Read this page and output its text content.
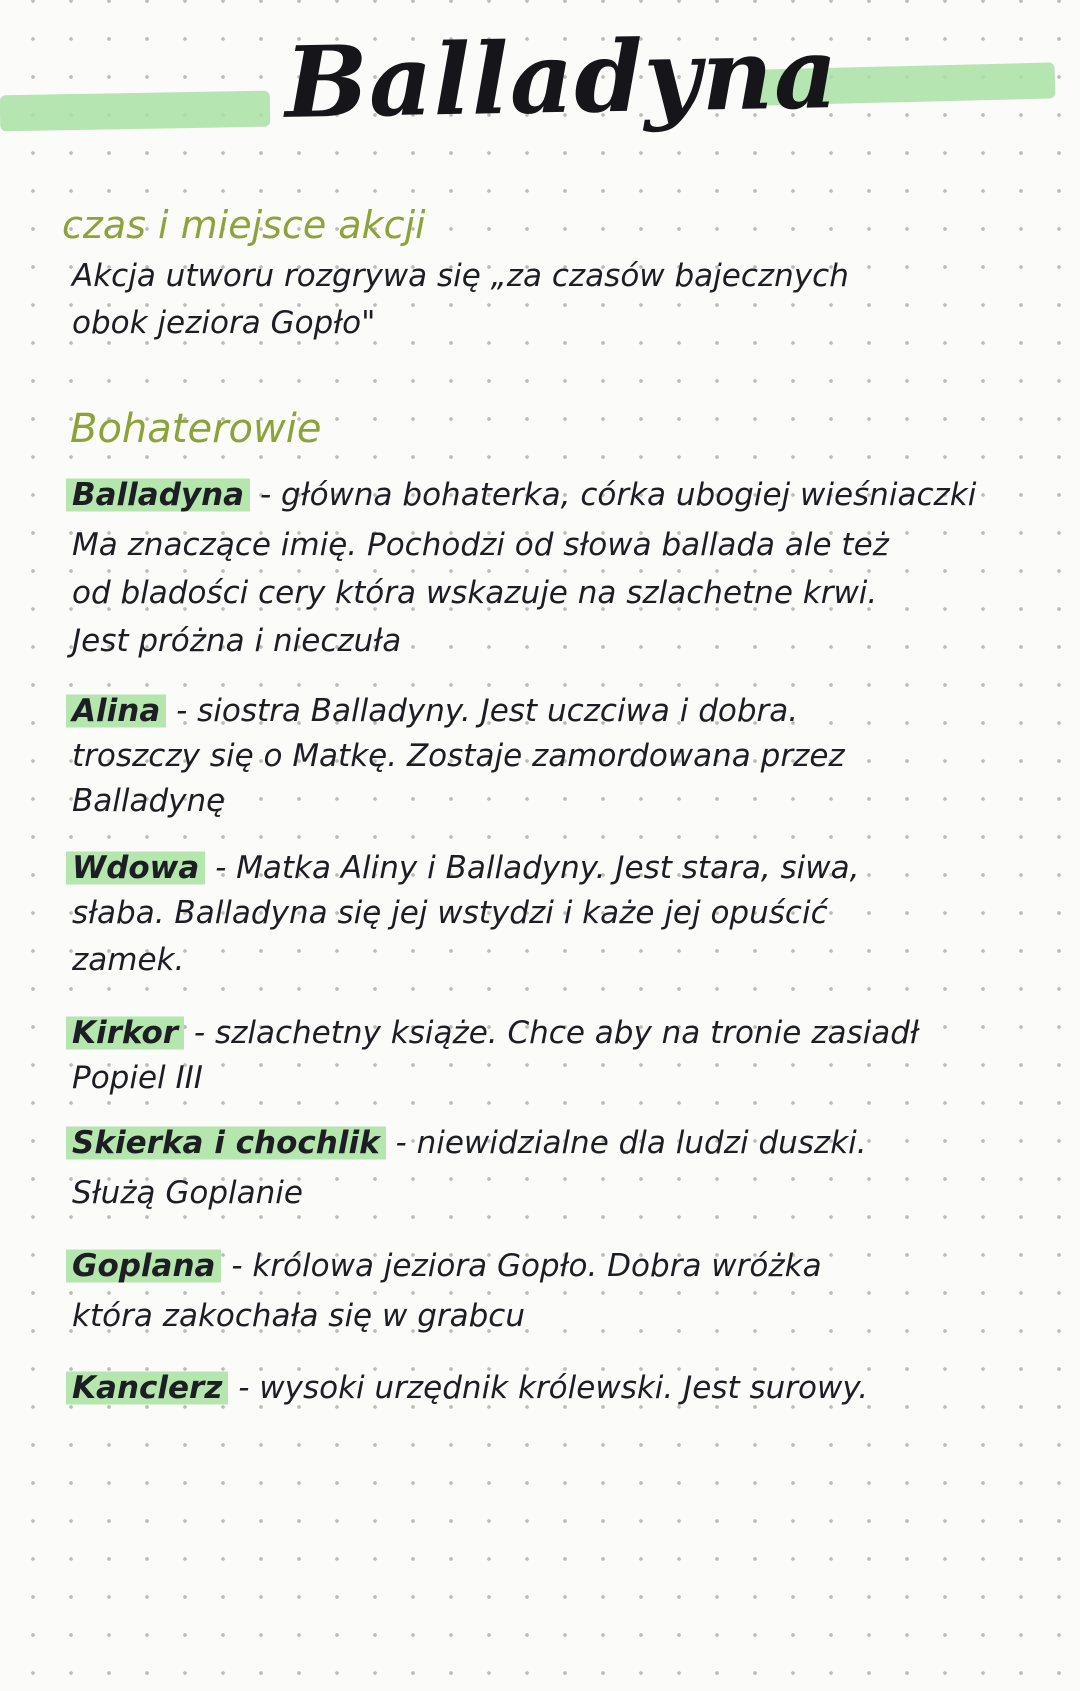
Balladyna
czas i miejsce akcji
Akcja utworu rozgrywa się „za czasów bajecznych
obok jeziora Gopło"
Bohaterowie
Balladyna - główna bohaterka, córka ubogiej wieśniaczki
Ma znaczące imię. Pochodzi od słowa ballada ale też
od bladości cery która wskazuje na szlachetne krwi.
Jest próżna i nieczuła
Alina - siostra Balladyny. Jest uczciwa i dobra.
troszczy się o Matkę. Zostaje zamordowana przez
Balladynę
Wdowa - Matka Aliny i Balladyny. Jest stara, siwa,
słaba. Balladyna się jej wstydzi i każe jej opuścić
zamek.
Kirkor - szlachetny książe. Chce aby na tronie zasiadł
Popiel III
Skierka i chochlik - niewidzialne dla ludzi duszki.
Służą Goplanie
Goplana - królowa jeziora Gopło. Dobra wróżka
która zakochała się w grabcu
Kanclerz - wysoki urzędnik królewski. Jest surowy.
